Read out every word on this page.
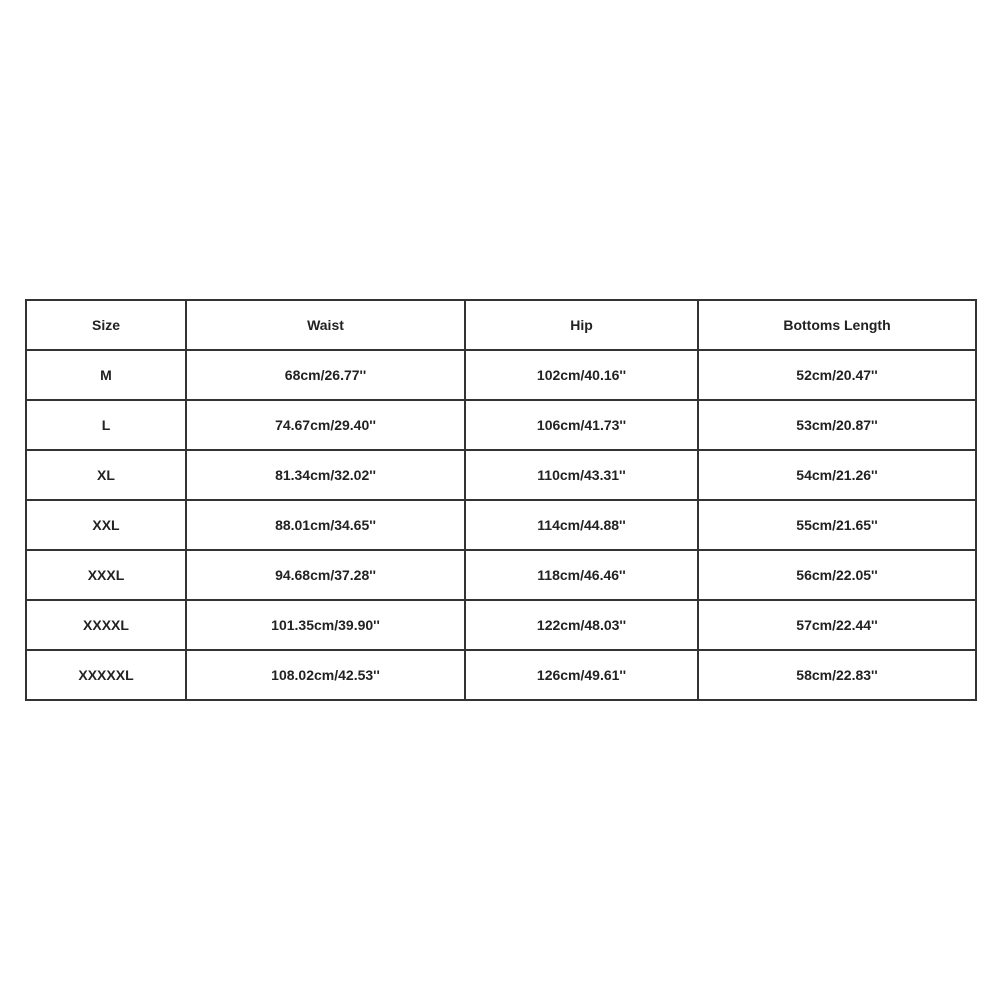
Size	Waist	Hip	Bottoms Length
M	68cm/26.77''	102cm/40.16''	52cm/20.47''
L	74.67cm/29.40''	106cm/41.73''	53cm/20.87''
XL	81.34cm/32.02''	110cm/43.31''	54cm/21.26''
XXL	88.01cm/34.65''	114cm/44.88''	55cm/21.65''
XXXL	94.68cm/37.28''	118cm/46.46''	56cm/22.05''
XXXXL	101.35cm/39.90''	122cm/48.03''	57cm/22.44''
XXXXXL	108.02cm/42.53''	126cm/49.61''	58cm/22.83''
